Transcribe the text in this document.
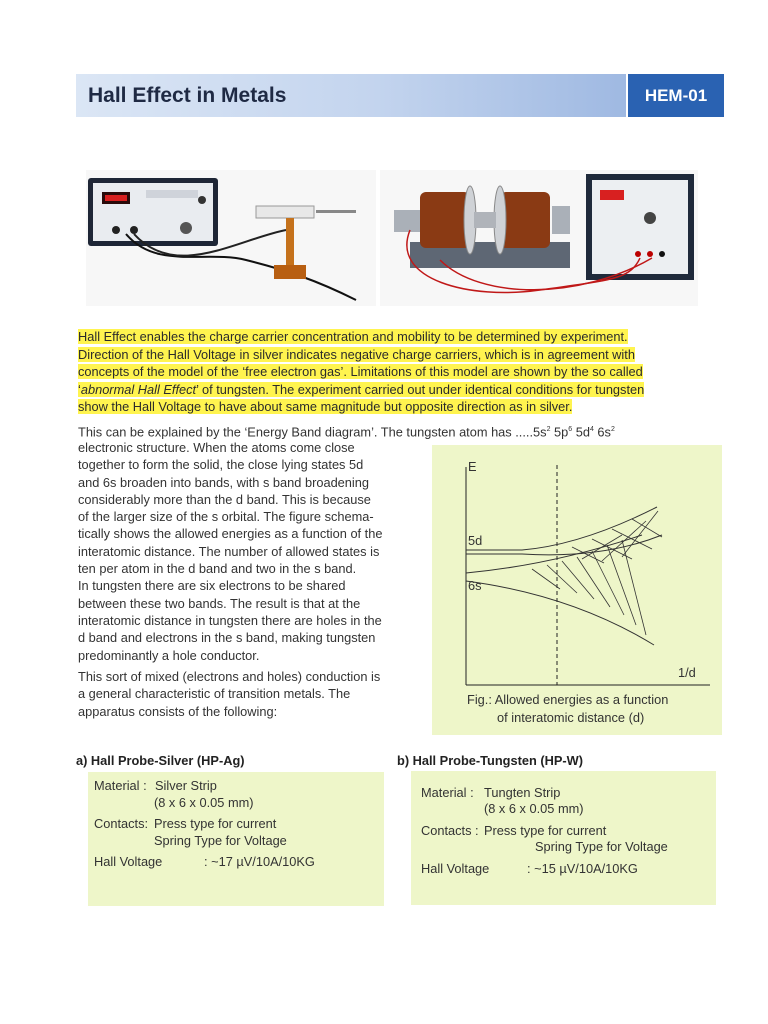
Hall Effect in Metals	HEM-01
Hall Effect enables the charge carrier concentration and mobility to be determined by experiment.
Direction of the Hall Voltage in silver indicates negative charge carriers, which is in agreement with
concepts of the model of the ‘free electron gas’. Limitations of this model are shown by the so called
‘abnormal Hall Effect’ of tungsten. The experiment carried out under identical conditions for tungsten
show the Hall Voltage to have about same magnitude but opposite direction as in silver.
This can be explained by the ‘Energy Band diagram’. The tungsten atom has $.....5s^2$ $5p^6$ $5d^4$ $6s^2$
electronic structure. When the atoms come close
together to form the solid, the close lying states 5d
and 6s broaden into bands, with s band broadening
considerably more than the d band. This is because
of the larger size of the s orbital. The figure schema-
tically shows the allowed energies as a function of the
interatomic distance. The number of allowed states is
ten per atom in the d band and two in the s band.
In tungsten there are six electrons to be shared
between these two bands. The result is that at the
interatomic distance in tungsten there are holes in the
d band and electrons in the s band, making tungsten
predominantly a hole conductor.
This sort of mixed (electrons and holes) conduction is
a general characteristic of transition metals. The
apparatus consists of the following:
E
5d
6s
1/d
Fig.: Allowed energies as a function
of interatomic distance (d)
a) Hall Probe-Silver (HP-Ag)
Material : Silver Strip
(8 x 6 x 0.05 mm)
Contacts: Press type for current
Spring Type for Voltage
Hall Voltage	: ~17 µV/10A/10KG
b) Hall Probe-Tungsten (HP-W)
Material : Tungten Strip
(8 x 6 x 0.05 mm)
Contacts : Press type for current
Spring Type for Voltage
Hall Voltage	: ~15 µV/10A/10KG
